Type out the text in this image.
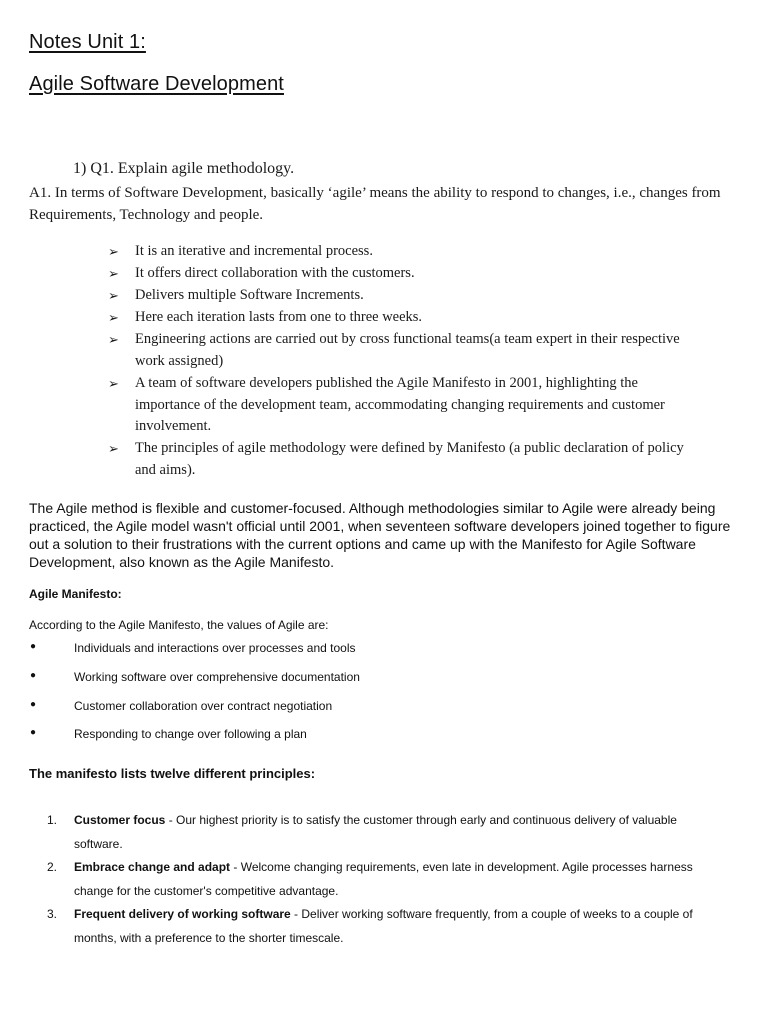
Notes Unit 1:
Agile Software Development
1) Q1. Explain agile methodology.
A1. In terms of Software Development, basically ‘agile’ means the ability to respond to changes, i.e., changes from Requirements, Technology and people.
➢ It is an iterative and incremental process.
➢ It offers direct collaboration with the customers.
➢ Delivers multiple Software Increments.
➢ Here each iteration lasts from one to three weeks.
➢ Engineering actions are carried out by cross functional teams(a team expert in their respective work assigned)
➢ A team of software developers published the Agile Manifesto in 2001, highlighting the importance of the development team, accommodating changing requirements and customer involvement.
➢ The principles of agile methodology were defined by Manifesto (a public declaration of policy and aims).
The Agile method is flexible and customer-focused. Although methodologies similar to Agile were already being practiced, the Agile model wasn't official until 2001, when seventeen software developers joined together to figure out a solution to their frustrations with the current options and came up with the Manifesto for Agile Software Development, also known as the Agile Manifesto.
Agile Manifesto:
According to the Agile Manifesto, the values of Agile are:
●	Individuals and interactions over processes and tools
●	Working software over comprehensive documentation
●	Customer collaboration over contract negotiation
●	Responding to change over following a plan
The manifesto lists twelve different principles:
1.	Customer focus - Our highest priority is to satisfy the customer through early and continuous delivery of valuable software.
2.	Embrace change and adapt - Welcome changing requirements, even late in development. Agile processes harness change for the customer's competitive advantage.
3.	Frequent delivery of working software - Deliver working software frequently, from a couple of weeks to a couple of months, with a preference to the shorter timescale.
